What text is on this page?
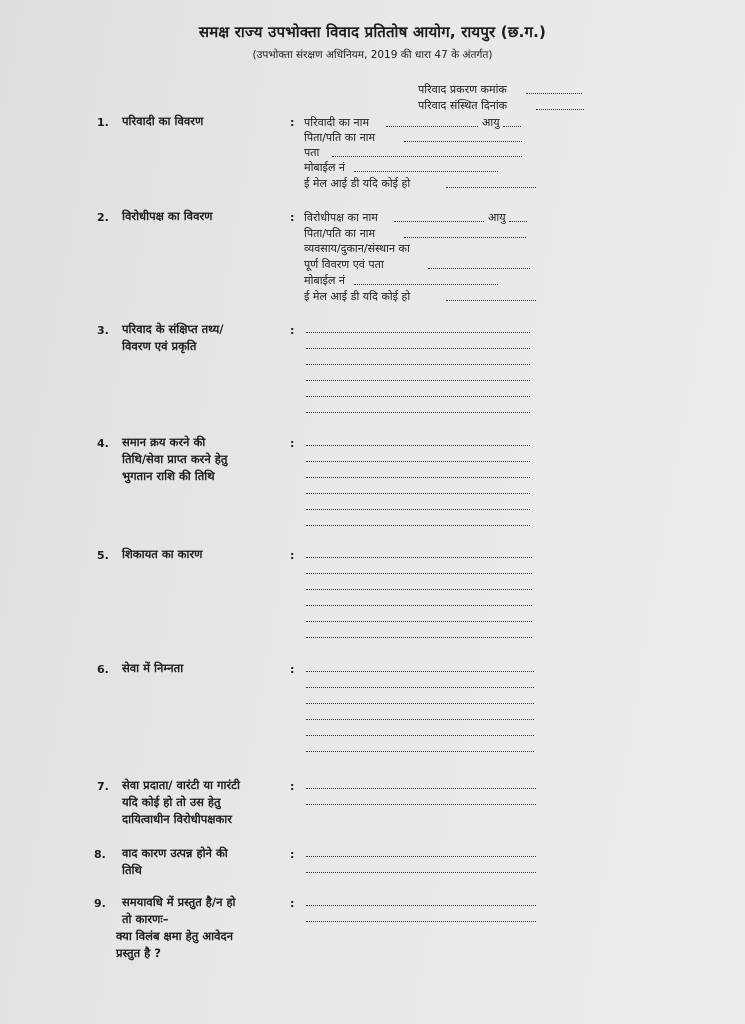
समक्ष राज्य उपभोक्ता विवाद प्रतितोष आयोग, रायपुर (छ.ग.)
(उपभोक्ता संरक्षण अधिनियम, 2019 की धारा 47 के अंतर्गत)
परिवाद प्रकरण कमांक
परिवाद संस्थित दिनांक
1. परिवादी का विवरण	: परिवादी का नाम	आयु
पिता/पति का नाम
पता
मोबाईल नं
ई मेल आई डी यदि कोई हो
2. विरोधीपक्ष का विवरण	: विरोधीपक्ष का नाम	आयु
पिता/पति का नाम
व्यवसाय/दुकान/संस्थान का
पूर्ण विवरण एवं पता
मोबाईल नं
ई मेल आई डी यदि कोई हो
3. परिवाद के संक्षिप्त तथ्य/
विवरण एवं प्रकृति
:
4. समान क्रय करने की
तिथि/सेवा प्राप्त करने हेतु
भुगतान राशि की तिथि
:
5. शिकायत का कारण	:
6. सेवा में निम्नता	:
7. सेवा प्रदाता/ वारंटी या गारंटी
यदि कोई हो तो उस हेतु
दायित्वाधीन विरोधीपक्षकार
:
8. वाद कारण उत्पन्न होने की
तिथि
:
9. समयावधि में प्रस्तुत है/न हो
तो कारणः–
क्या विलंब क्षमा हेतु आवेदन
प्रस्तुत है ?
:
